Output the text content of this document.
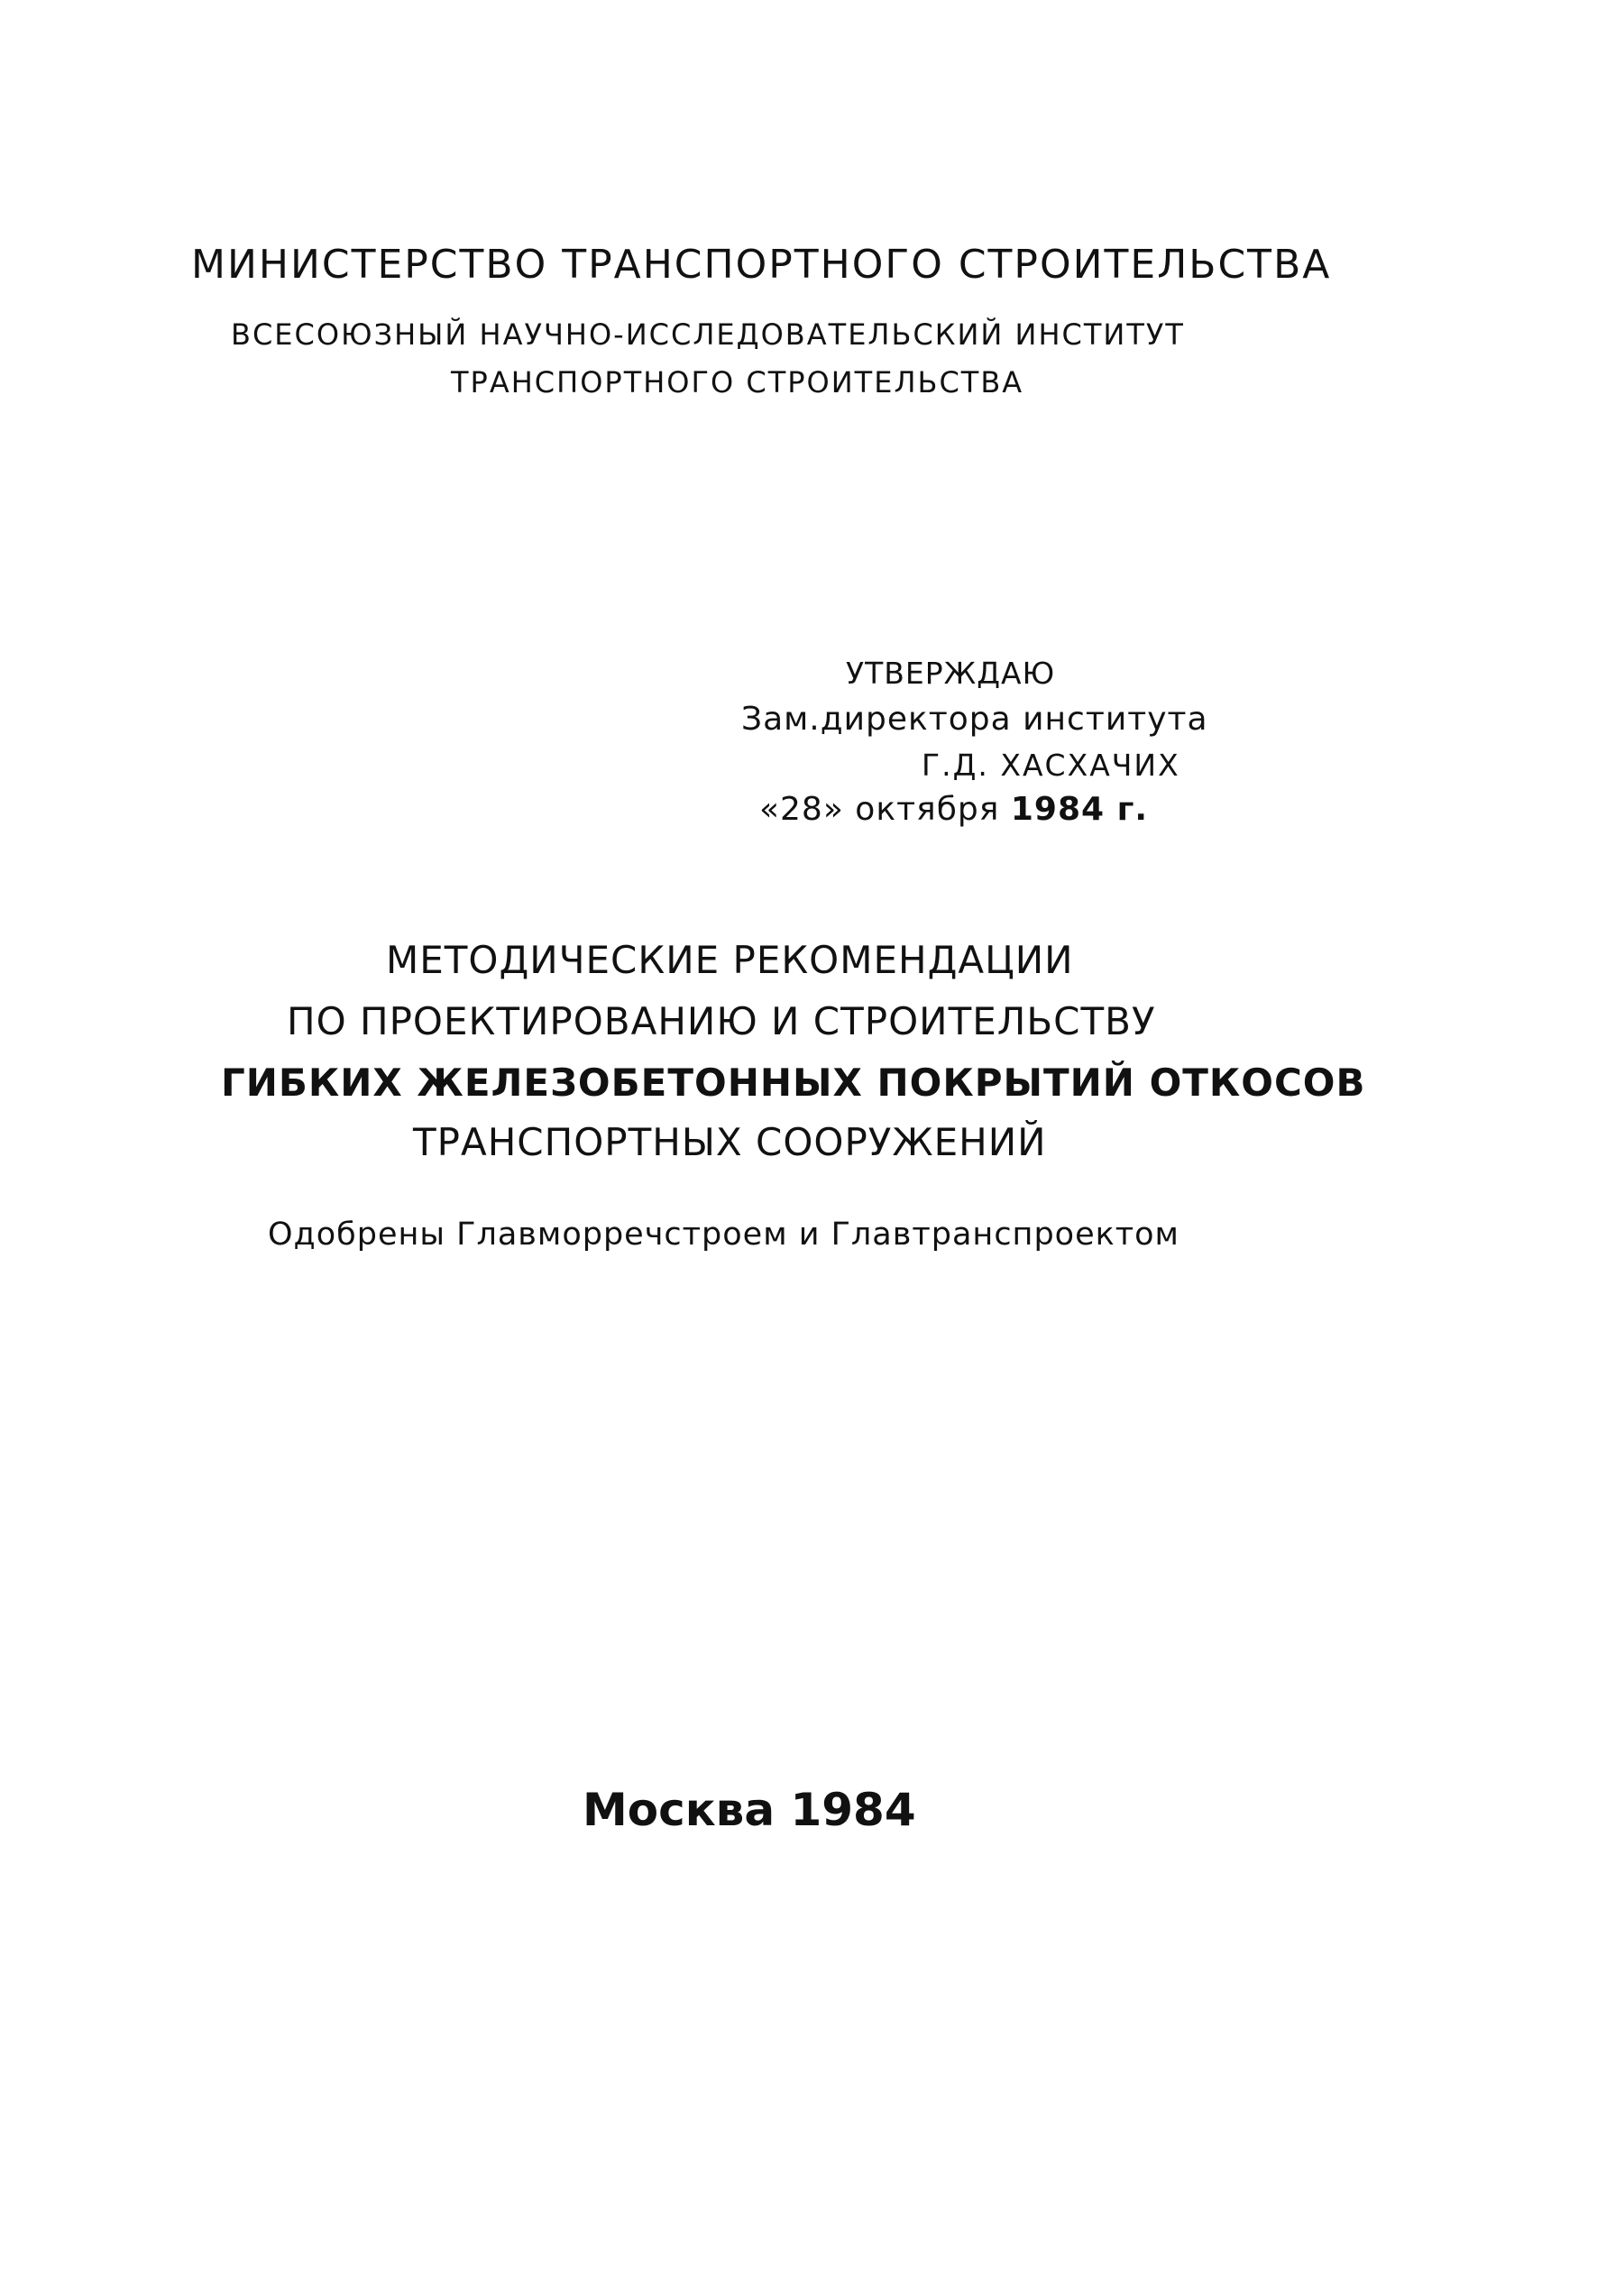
МИНИСТЕРСТВО ТРАНСПОРТНОГО СТРОИТЕЛЬСТВА
ВСЕСОЮЗНЫЙ НАУЧНО-ИССЛЕДОВАТЕЛЬСКИЙ ИНСТИТУТ
ТРАНСПОРТНОГО СТРОИТЕЛЬСТВА
УТВЕРЖДАЮ
Зам.директора института
Г.Д. ХАСХАЧИХ
«28» октября 1984 г.
МЕТОДИЧЕСКИЕ РЕКОМЕНДАЦИИ
ПО ПРОЕКТИРОВАНИЮ И СТРОИТЕЛЬСТВУ
ГИБКИХ ЖЕЛЕЗОБЕТОННЫХ ПОКРЫТИЙ ОТКОСОВ
ТРАНСПОРТНЫХ СООРУЖЕНИЙ
Одобрены Главморречстроем и Главтранспроектом
Москва 1984
